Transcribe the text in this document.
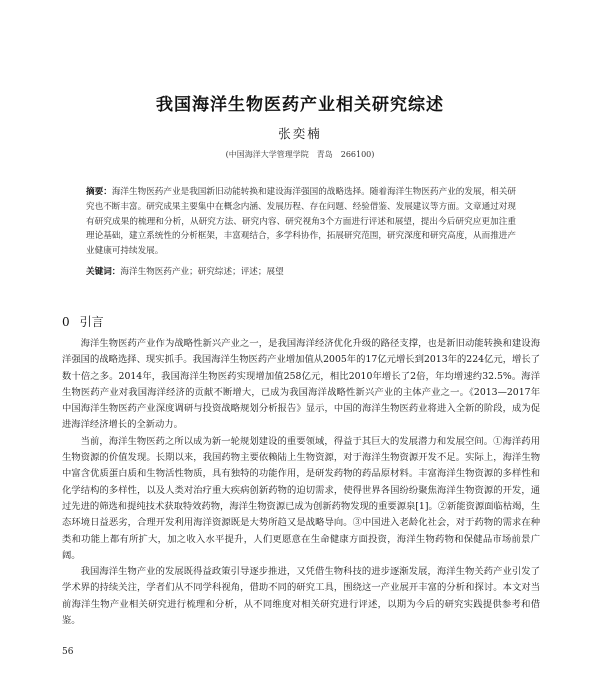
我国海洋生物医药产业相关研究综述
张奕楠
(中国海洋大学管理学院　青岛　266100)
摘要：海洋生物医药产业是我国新旧动能转换和建设海洋强国的战略选择。随着海洋生物医药产业的发展，相关研究也不断丰富。研究成果主要集中在概念内涵、发展历程、存在问题、经验借鉴、发展建议等方面。文章通过对现有研究成果的梳理和分析，从研究方法、研究内容、研究视角3个方面进行评述和展望，提出今后研究应更加注重理论基础，建立系统性的分析框架，丰富观结合，多学科协作，拓展研究范围，研究深度和研究高度，从而推进产业健康可持续发展。
关键词：海洋生物医药产业；研究综述；评述；展望
0 引言

海洋生物医药产业作为战略性新兴产业之一，是我国海洋经济优化升级的路径支撑，也是新旧动能转换和建设海洋强国的战略选择、现实抓手。我国海洋生物医药产业增加值从2005年的17亿元增长到2013年的224亿元，增长了数十倍之多。2014年，我国海洋生物医药实现增加值258亿元，相比2010年增长了2倍，年均增速约32.5%。海洋生物医药产业对我国海洋经济的贡献不断增大，已成为我国海洋战略性新兴产业的主体产业之一。《2013—2017年中国海洋生物医药产业深度调研与投资战略规划分析报告》显示，中国的海洋生物医药业将进入全新的阶段，成为促进海洋经济增长的全新动力。

当前，海洋生物医药之所以成为新一轮规划建设的重要领域，得益于其巨大的发展潜力和发展空间。①海洋药用生物资源的价值发现。长期以来，我国药物主要依赖陆上生物资源，对于海洋生物资源开发不足。实际上，海洋生物中富含优质蛋白质和生物活性物质，具有独特的功能作用，是研发药物的药品原材料。丰富海洋生物资源的多样性和化学结构的多样性，以及人类对治疗重大疾病创新药物的迫切需求，使得世界各国纷纷聚焦海洋生物资源的开发，通过先进的筛选和提纯技术获取特效药物，海洋生物资源已成为创新药物发现的重要源泉[1]。②新能资源面临枯竭，生态环境日益恶劣，合理开发利用海洋资源既是大势所趋又是战略导向。③中国进入老龄化社会，对于药物的需求在种类和功能上都有所扩大，加之收入水平提升，人们更愿意在生命健康方面投资，海洋生物药物和保健品市场前景广阔。

我国海洋生物产业的发展既得益政策引导逐步推进，又凭借生物科技的进步逐渐发展，海洋生物关药产业引发了学术界的持续关注，学者们从不同学科视角，借助不同的研究工具，围绕这一产业展开丰富的分析和探讨。本文对当前海洋生物产业相关研究进行梳理和分析，从不同维度对相关研究进行评述，以期为今后的研究实践提供参考和借鉴。

56
